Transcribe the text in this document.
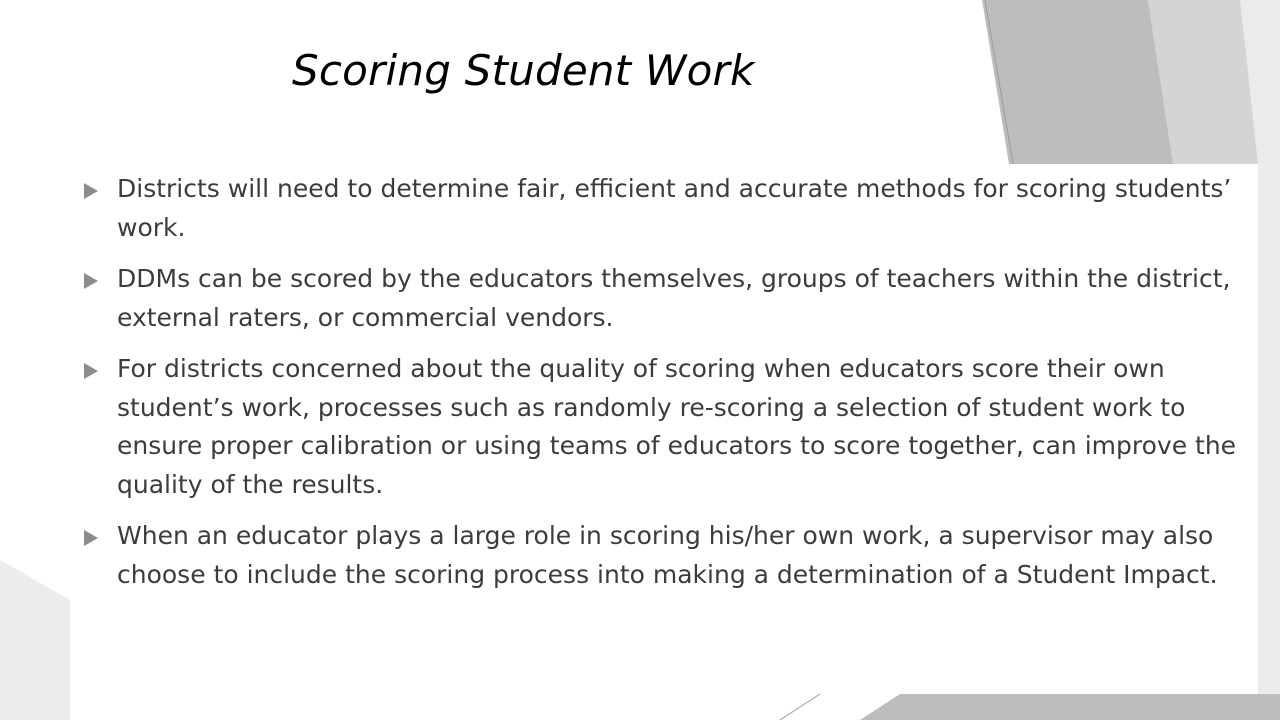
Scoring Student Work
Districts will need to determine fair, efficient and accurate methods for scoring students’ work.
DDMs can be scored by the educators themselves, groups of teachers within the district, external raters, or commercial vendors.
For districts concerned about the quality of scoring when educators score their own student’s work, processes such as randomly re-scoring a selection of student work to ensure proper calibration or using teams of educators to score together, can improve the quality of the results.
When an educator plays a large role in scoring his/her own work, a supervisor may also choose to include the scoring process into making a determination of a Student Impact.
